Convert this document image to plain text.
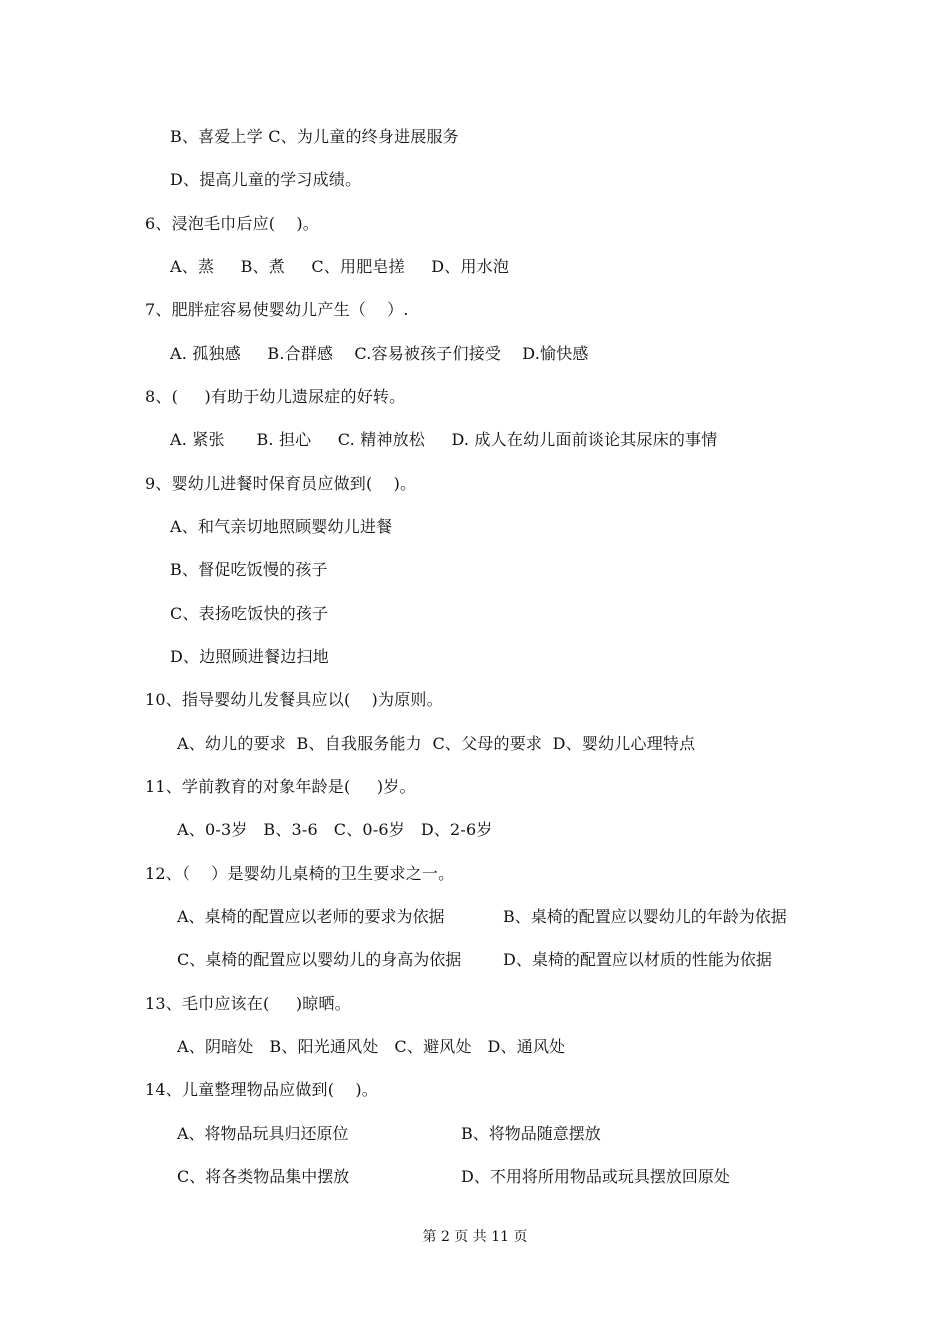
B、喜爱上学 C、为儿童的终身进展服务
D、提高儿童的学习成绩。
6、浸泡毛巾后应(    )。
A、蒸     B、煮     C、用肥皂搓     D、用水泡
7、肥胖症容易使婴幼儿产生（    ）.
A. 孤独感     B.合群感    C.容易被孩子们接受    D.愉快感
8、(     )有助于幼儿遗尿症的好转。
A. 紧张      B. 担心     C. 精神放松     D. 成人在幼儿面前谈论其尿床的事情
9、婴幼儿进餐时保育员应做到(    )。
A、和气亲切地照顾婴幼儿进餐
B、督促吃饭慢的孩子
C、表扬吃饭快的孩子
D、边照顾进餐边扫地
10、指导婴幼儿发餐具应以(    )为原则。
A、幼儿的要求  B、自我服务能力  C、父母的要求  D、婴幼儿心理特点
11、学前教育的对象年龄是(     )岁。
A、0-3岁   B、3-6   C、0-6岁   D、2-6岁
12、（    ）是婴幼儿桌椅的卫生要求之一。
A、桌椅的配置应以老师的要求为依据	B、桌椅的配置应以婴幼儿的年龄为依据
C、桌椅的配置应以婴幼儿的身高为依据	D、桌椅的配置应以材质的性能为依据
13、毛巾应该在(     )晾晒。
A、阴暗处   B、阳光通风处   C、避风处   D、通风处
14、儿童整理物品应做到(    )。
A、将物品玩具归还原位	B、将物品随意摆放
C、将各类物品集中摆放	D、不用将所用物品或玩具摆放回原处
第 2 页 共 11 页
